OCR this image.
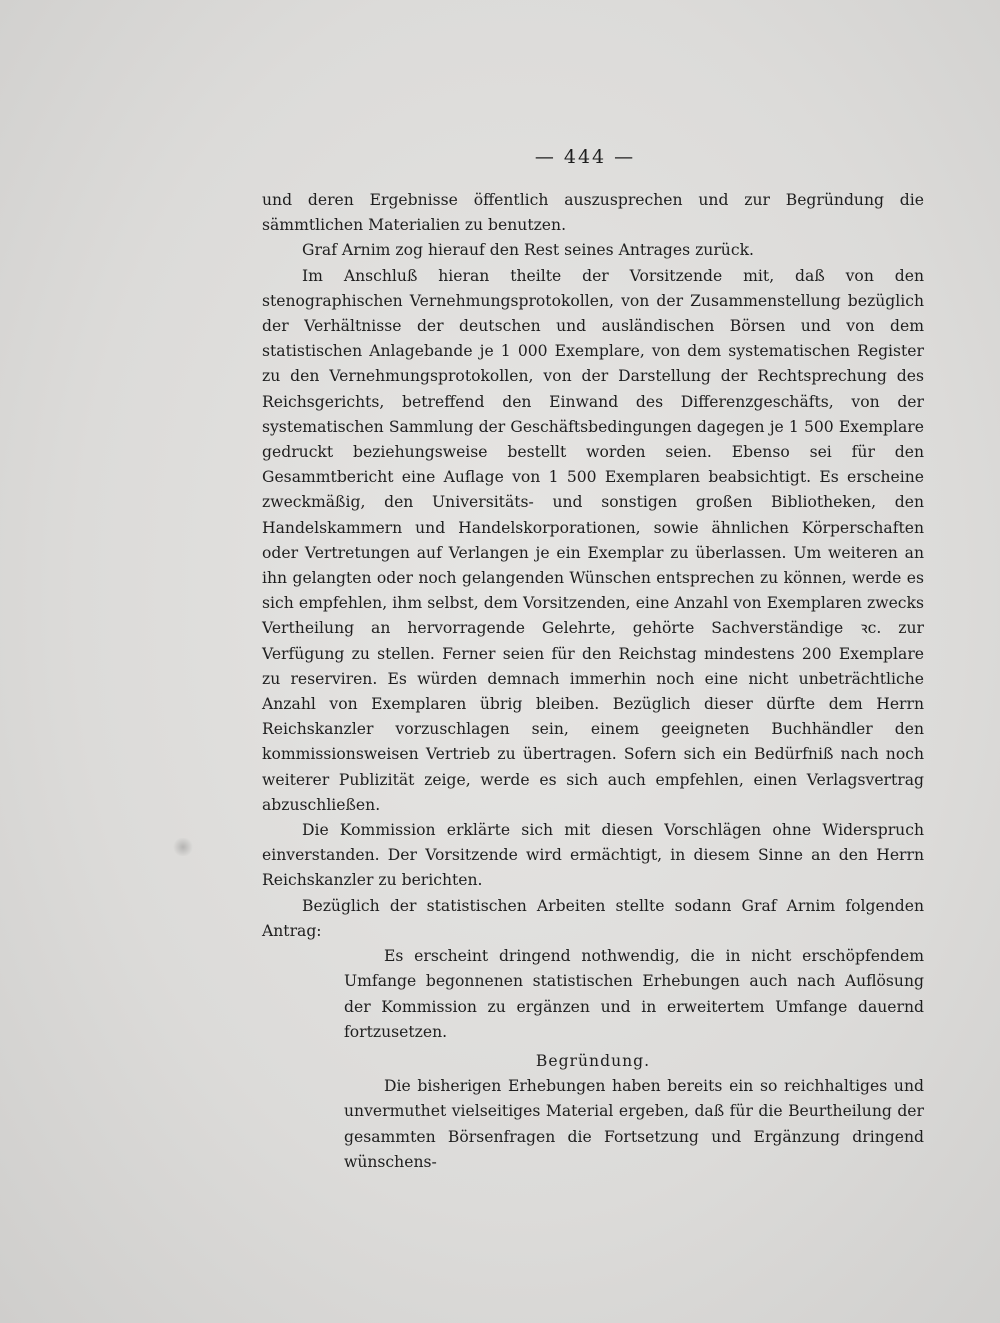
— 444 —

und deren Ergebnisse öffentlich auszusprechen und zur Begründung die sämmtlichen Materialien zu benutzen.

Graf Arnim zog hierauf den Rest seines Antrages zurück.

Im Anschluß hieran theilte der Vorsitzende mit, daß von den stenographischen Vernehmungsprotokollen, von der Zusammenstellung bezüglich der Verhältnisse der deutschen und ausländischen Börsen und von dem statistischen Anlagebande je 1 000 Exemplare, von dem systematischen Register zu den Vernehmungsprotokollen, von der Darstellung der Rechtsprechung des Reichsgerichts, betreffend den Einwand des Differenzgeschäfts, von der systematischen Sammlung der Geschäftsbedingungen dagegen je 1 500 Exemplare gedruckt beziehungsweise bestellt worden seien. Ebenso sei für den Gesammtbericht eine Auflage von 1 500 Exemplaren beabsichtigt. Es erscheine zweckmäßig, den Universitäts- und sonstigen großen Bibliotheken, den Handelskammern und Handelskorporationen, sowie ähnlichen Körperschaften oder Vertretungen auf Verlangen je ein Exemplar zu überlassen. Um weiteren an ihn gelangten oder noch gelangenden Wünschen entsprechen zu können, werde es sich empfehlen, ihm selbst, dem Vorsitzenden, eine Anzahl von Exemplaren zwecks Vertheilung an hervorragende Gelehrte, gehörte Sachverständige ꝛc. zur Verfügung zu stellen. Ferner seien für den Reichstag mindestens 200 Exemplare zu reserviren. Es würden demnach immerhin noch eine nicht unbeträchtliche Anzahl von Exemplaren übrig bleiben. Bezüglich dieser dürfte dem Herrn Reichskanzler vorzuschlagen sein, einem geeigneten Buchhändler den kommissionsweisen Vertrieb zu übertragen. Sofern sich ein Bedürfniß nach noch weiterer Publizität zeige, werde es sich auch empfehlen, einen Verlagsvertrag abzuschließen.

Die Kommission erklärte sich mit diesen Vorschlägen ohne Widerspruch einverstanden. Der Vorsitzende wird ermächtigt, in diesem Sinne an den Herrn Reichskanzler zu berichten.

Bezüglich der statistischen Arbeiten stellte sodann Graf Arnim folgenden Antrag:

Es erscheint dringend nothwendig, die in nicht erschöpfendem Umfange begonnenen statistischen Erhebungen auch nach Auflösung der Kommission zu ergänzen und in erweitertem Umfange dauernd fortzusetzen.

Begründung.

Die bisherigen Erhebungen haben bereits ein so reichhaltiges und unvermuthet vielseitiges Material ergeben, daß für die Beurtheilung der gesammten Börsenfragen die Fortsetzung und Ergänzung dringend wünschens-
